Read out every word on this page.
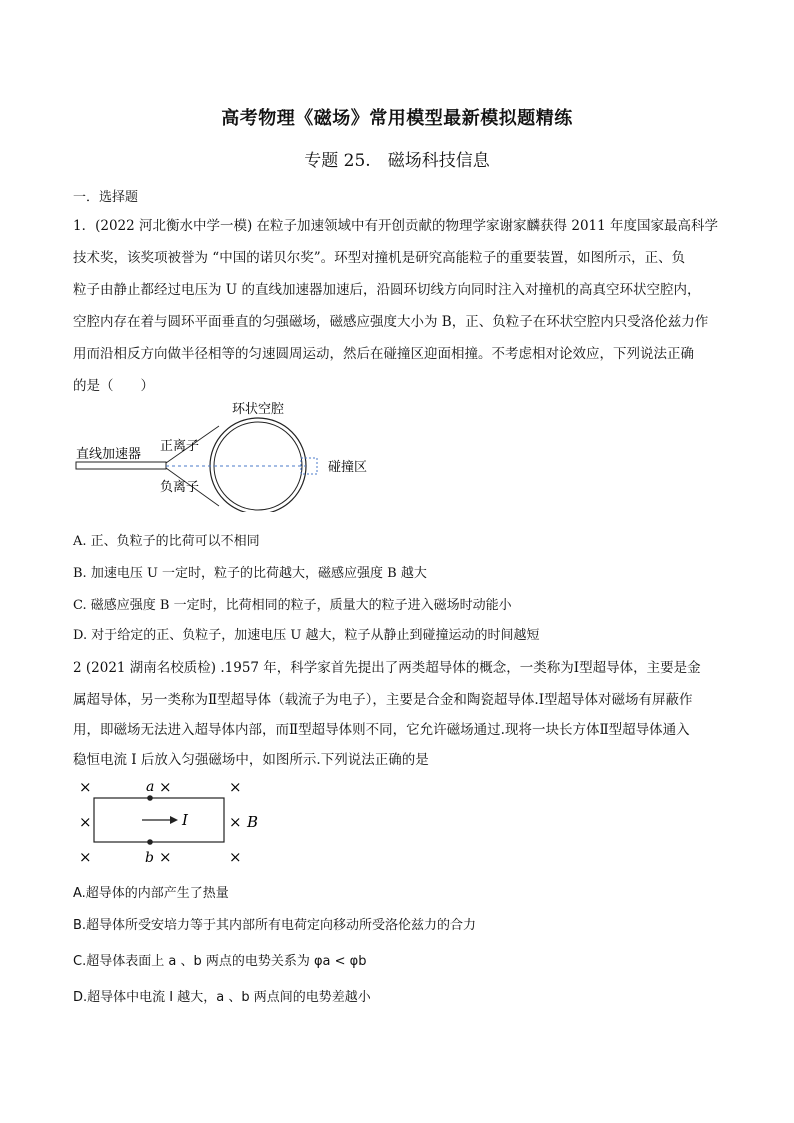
高考物理《磁场》常用模型最新模拟题精练
专题 25.　磁场科技信息
一．选择题
1．(2022 河北衡水中学一模) 在粒子加速领域中有开创贡献的物理学家谢家麟获得 2011 年度国家最高科学
技术奖，该奖项被誉为 “中国的诺贝尔奖”。环型对撞机是研究高能粒子的重要装置，如图所示，正、负
粒子由静止都经过电压为 U 的直线加速器加速后，沿圆环切线方向同时注入对撞机的高真空环状空腔内，
空腔内存在着与圆环平面垂直的匀强磁场，磁感应强度大小为 B，正、负粒子在环状空腔内只受洛伦兹力作
用而沿相反方向做半径相等的匀速圆周运动，然后在碰撞区迎面相撞。不考虑相对论效应，下列说法正确
的是（　　）
环状空腔
直线加速器
正离子
负离子
碰撞区
A. 正、负粒子的比荷可以不相同
B. 加速电压 U 一定时，粒子的比荷越大，磁感应强度 B 越大
C. 磁感应强度 B 一定时，比荷相同的粒子，质量大的粒子进入磁场时动能小
D. 对于给定的正、负粒子，加速电压 U 越大，粒子从静止到碰撞运动的时间越短
2 (2021 湖南名校质检) .1957 年，科学家首先提出了两类超导体的概念，一类称为Ⅰ型超导体，主要是金
属超导体，另一类称为Ⅱ型超导体（载流子为电子），主要是合金和陶瓷超导体.Ⅰ型超导体对磁场有屏蔽作
用，即磁场无法进入超导体内部，而Ⅱ型超导体则不同，它允许磁场通过.现将一块长方体Ⅱ型超导体通入
稳恒电流 I 后放入匀强磁场中，如图所示.下列说法正确的是
×	×	×
×	×
×	×	×
a
b
I	B
A.超导体的内部产生了热量
B.超导体所受安培力等于其内部所有电荷定向移动所受洛伦兹力的合力
C.超导体表面上 a 、b 两点的电势关系为 φa < φb
D.超导体中电流 I 越大，a 、b 两点间的电势差越小
